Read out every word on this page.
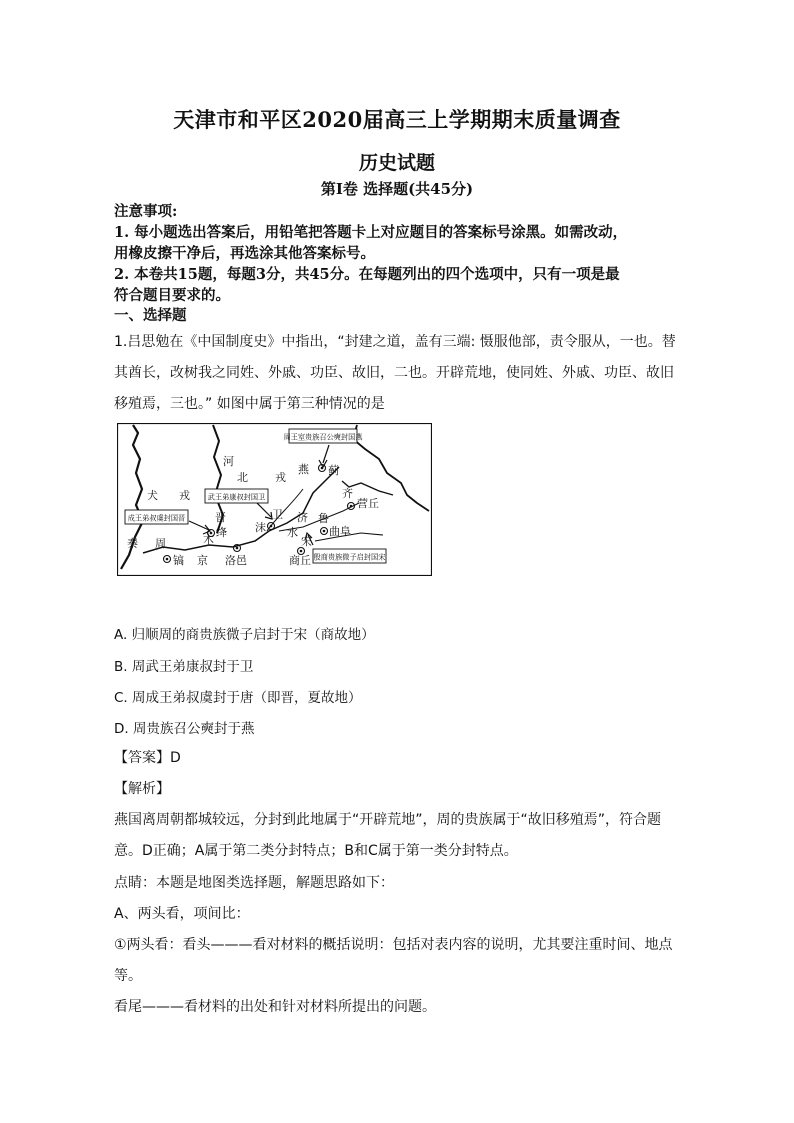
天津市和平区2020届高三上学期期末质量调查
历史试题
第Ⅰ卷 选择题(共45分)
注意事项:
1. 每小题选出答案后，用铅笔把答题卡上对应题目的答案标号涂黑。如需改动，
用橡皮擦干净后，再选涂其他答案标号。
2. 本卷共15题，每题3分，共45分。在每题列出的四个选项中，只有一项是最
符合题目要求的。
一、选择题
1.吕思勉在《中国制度史》中指出，“封建之道，盖有三端: 慑服他部，责令服从，一也。替
其酋长，改树我之同姓、外戚、功臣、故旧，二也。开辟荒地，使同姓、外戚、功臣、故旧
移殖焉，三也。” 如图中属于第三种情况的是
周王室贵族召公奭封国燕
武王弟康叔封国卫
成王弟叔虞封国晋
殷商贵族微子启封国宋
河
北 戎
燕 蓟
犬 戎	齐
营丘
晋
绛
卫
沫
济
水
鲁
曲阜
秦 周	木	宋
商丘
镐 京 洛邑
A. 归顺周的商贵族微子启封于宋（商故地）
B. 周武王弟康叔封于卫
C. 周成王弟叔虞封于唐（即晋，夏故地）
D. 周贵族召公奭封于燕
【答案】D
【解析】
燕国离周朝都城较远，分封到此地属于“开辟荒地”，周的贵族属于“故旧移殖焉”，符合题
意。D正确；A属于第二类分封特点；B和C属于第一类分封特点。
点睛：本题是地图类选择题，解题思路如下：
A、两头看，项间比：
①两头看：看头———看对材料的概括说明：包括对表内容的说明，尤其要注重时间、地点
等。
看尾———看材料的出处和针对材料所提出的问题。
